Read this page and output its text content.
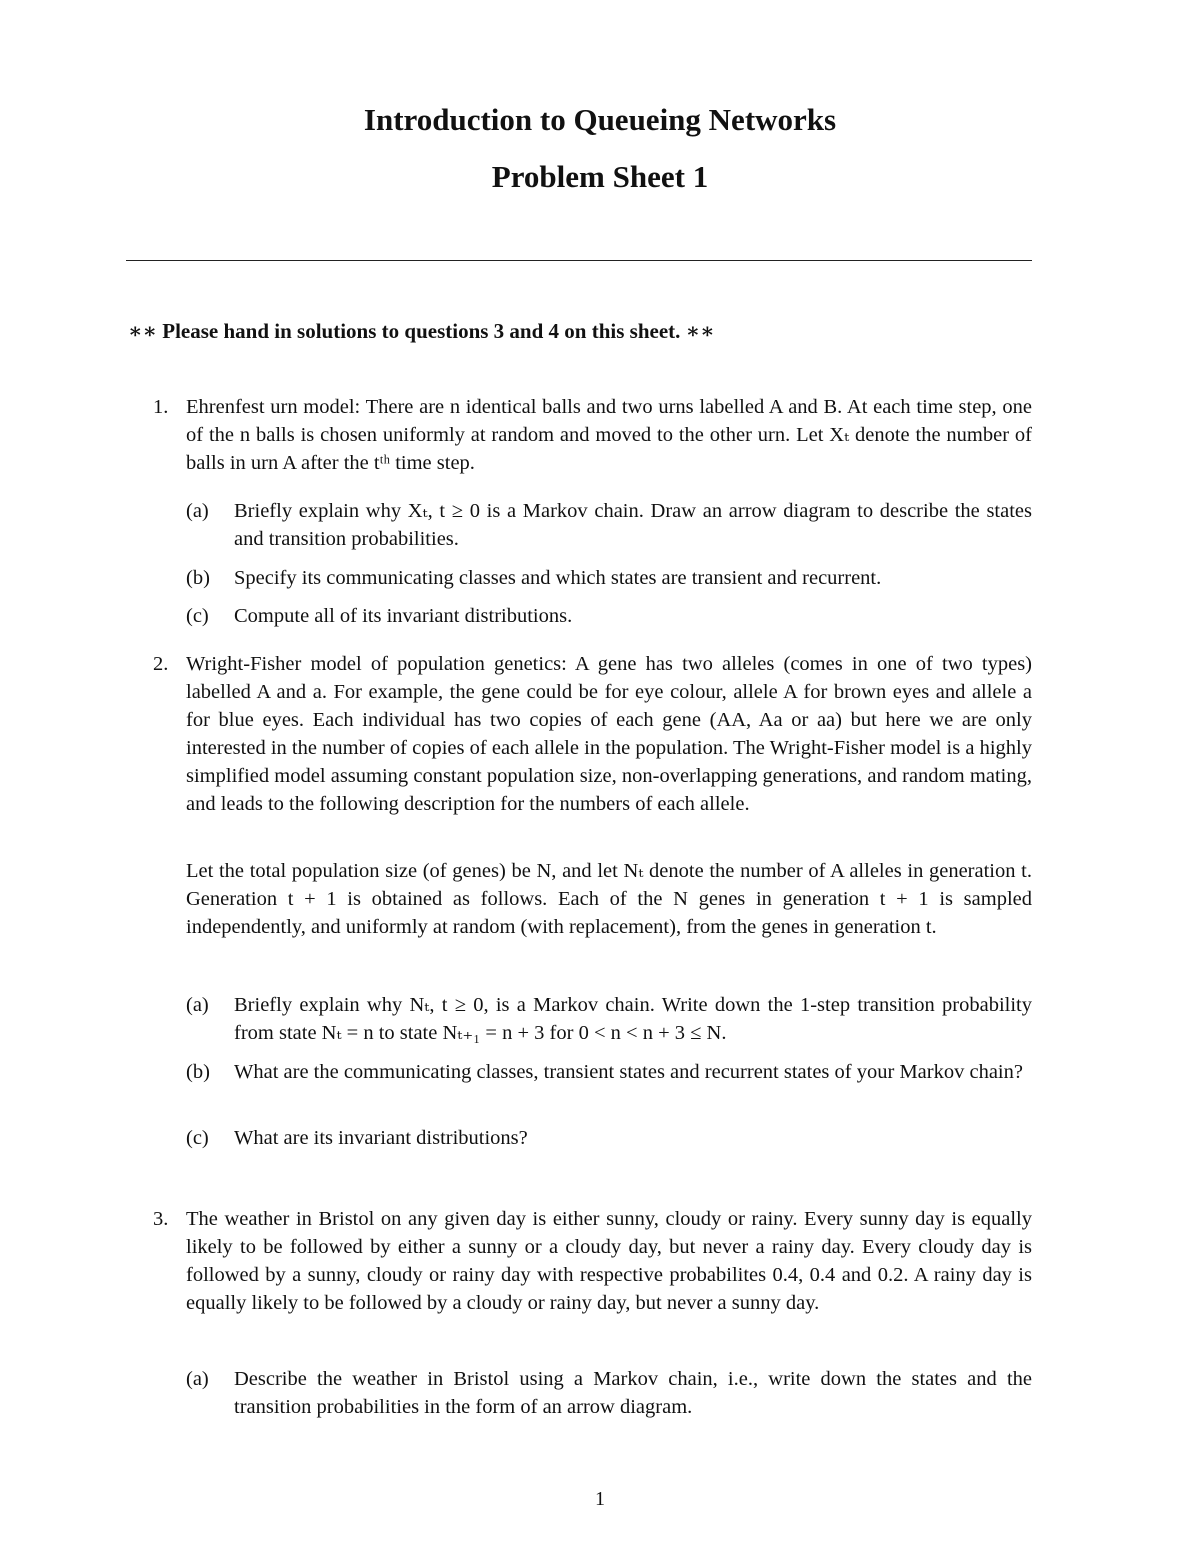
Introduction to Queueing Networks
Problem Sheet 1
∗∗ Please hand in solutions to questions 3 and 4 on this sheet. ∗∗
1. Ehrenfest urn model: There are n identical balls and two urns labelled A and B. At each time step, one of the n balls is chosen uniformly at random and moved to the other urn. Let Xₜ denote the number of balls in urn A after the tᵗʰ time step.

(a)	Briefly explain why Xₜ, t ≥ 0 is a Markov chain. Draw an arrow diagram to describe the states and transition probabilities.
(b)	Specify its communicating classes and which states are transient and recurrent.
(c)	Compute all of its invariant distributions.
2. Wright-Fisher model of population genetics: A gene has two alleles (comes in one of two types) labelled A and a. For example, the gene could be for eye colour, allele A for brown eyes and allele a for blue eyes. Each individual has two copies of each gene (AA, Aa or aa) but here we are only interested in the number of copies of each allele in the population. The Wright-Fisher model is a highly simplified model assuming constant population size, non-overlapping generations, and random mating, and leads to the following description for the numbers of each allele.

Let the total population size (of genes) be N, and let Nₜ denote the number of A alleles in generation t. Generation t + 1 is obtained as follows. Each of the N genes in generation t + 1 is sampled independently, and uniformly at random (with replacement), from the genes in generation t.

(a)	Briefly explain why Nₜ, t ≥ 0, is a Markov chain. Write down the 1-step transition probability from state Nₜ = n to state Nₜ₊₁ = n + 3 for 0 < n < n + 3 ≤ N.
(b)	What are the communicating classes, transient states and recurrent states of your Markov chain?
(c)	What are its invariant distributions?
3. The weather in Bristol on any given day is either sunny, cloudy or rainy. Every sunny day is equally likely to be followed by either a sunny or a cloudy day, but never a rainy day. Every cloudy day is followed by a sunny, cloudy or rainy day with respective probabilites 0.4, 0.4 and 0.2. A rainy day is equally likely to be followed by a cloudy or rainy day, but never a sunny day.

(a)	Describe the weather in Bristol using a Markov chain, i.e., write down the states and the transition probabilities in the form of an arrow diagram.
1
